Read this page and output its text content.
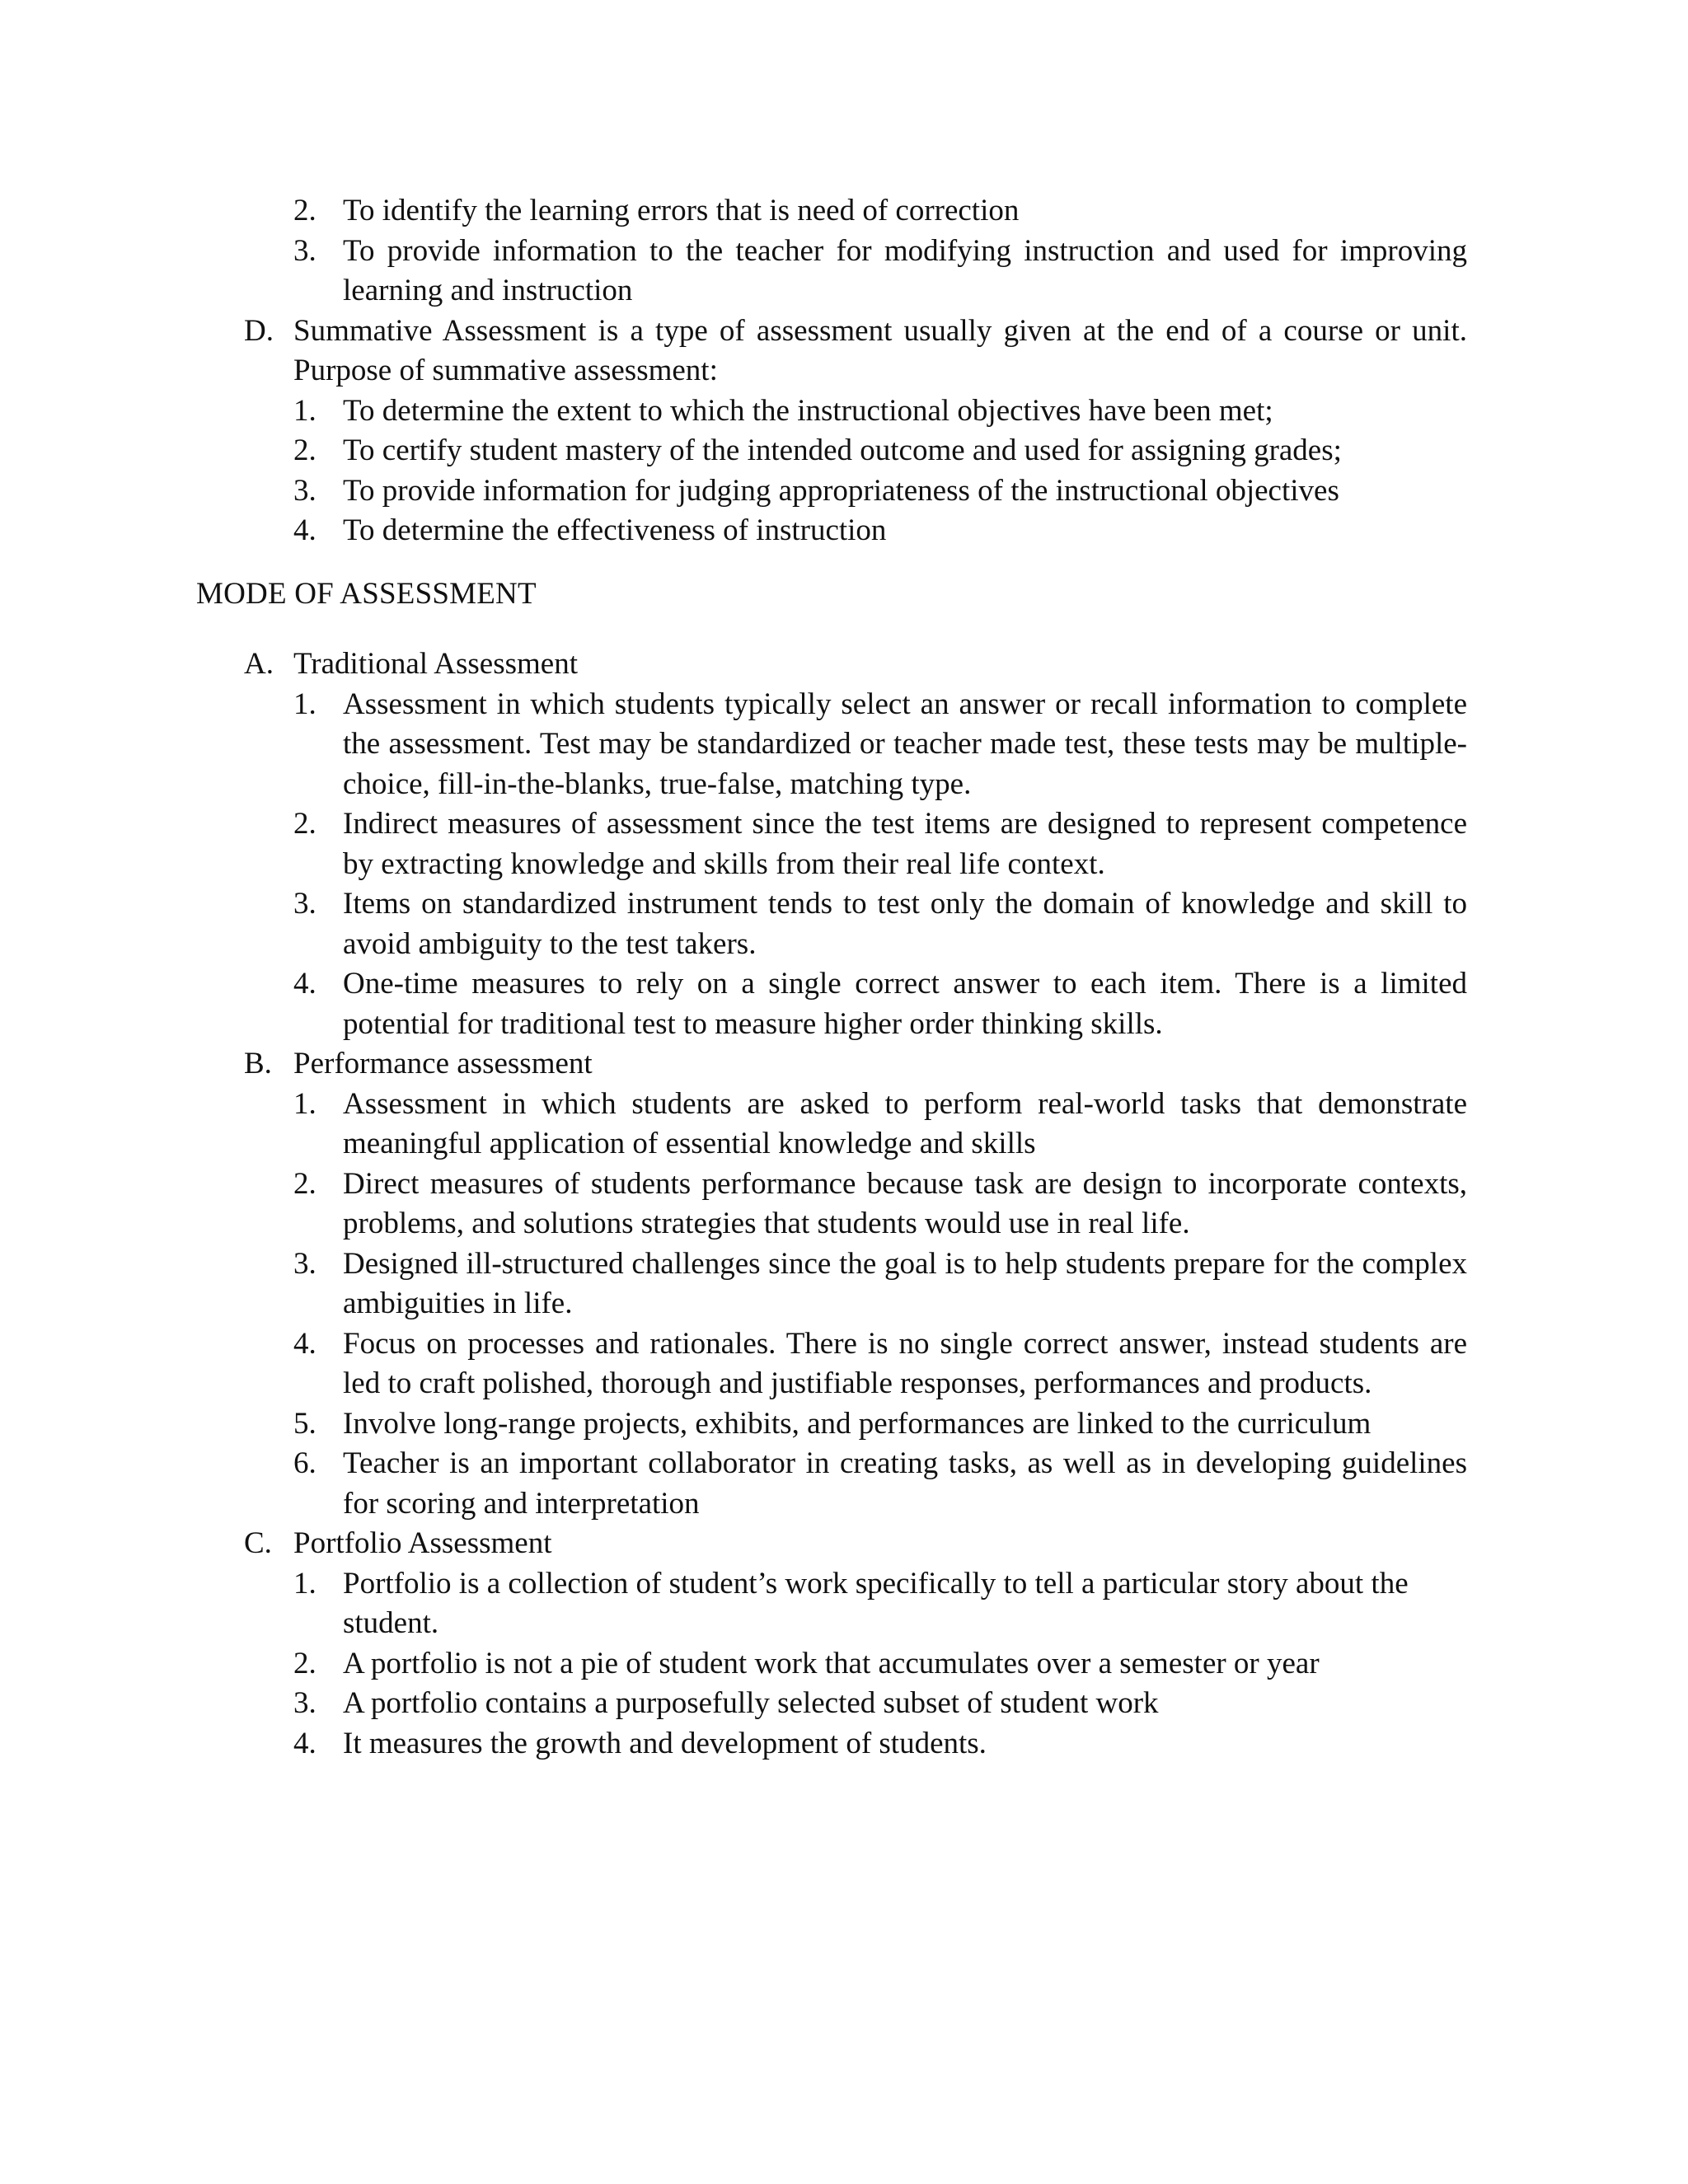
2. To identify the learning errors that is need of correction
3. To provide information to the teacher for modifying instruction and used for improving learning and instruction
D. Summative Assessment is a type of assessment usually given at the end of a course or unit. Purpose of summative assessment:
1. To determine the extent to which the instructional objectives have been met;
2. To certify student mastery of the intended outcome and used for assigning grades;
3. To provide information for judging appropriateness of the instructional objectives
4. To determine the effectiveness of instruction
MODE OF ASSESSMENT
A. Traditional Assessment
1. Assessment in which students typically select an answer or recall information to complete the assessment. Test may be standardized or teacher made test, these tests may be multiple-choice, fill-in-the-blanks, true-false, matching type.
2. Indirect measures of assessment since the test items are designed to represent competence by extracting knowledge and skills from their real life context.
3. Items on standardized instrument tends to test only the domain of knowledge and skill to avoid ambiguity to the test takers.
4. One-time measures to rely on a single correct answer to each item. There is a limited potential for traditional test to measure higher order thinking skills.
B. Performance assessment
1. Assessment in which students are asked to perform real-world tasks that demonstrate meaningful application of essential knowledge and skills
2. Direct measures of students performance because task are design to incorporate contexts, problems, and solutions strategies that students would use in real life.
3. Designed ill-structured challenges since the goal is to help students prepare for the complex ambiguities in life.
4. Focus on processes and rationales. There is no single correct answer, instead students are led to craft polished, thorough and justifiable responses, performances and products.
5. Involve long-range projects, exhibits, and performances are linked to the curriculum
6. Teacher is an important collaborator in creating tasks, as well as in developing guidelines for scoring and interpretation
C. Portfolio Assessment
1. Portfolio is a collection of student’s work specifically to tell a particular story about the student.
2. A portfolio is not a pie of student work that accumulates over a semester or year
3. A portfolio contains a purposefully selected subset of student work
4. It measures the growth and development of students.
